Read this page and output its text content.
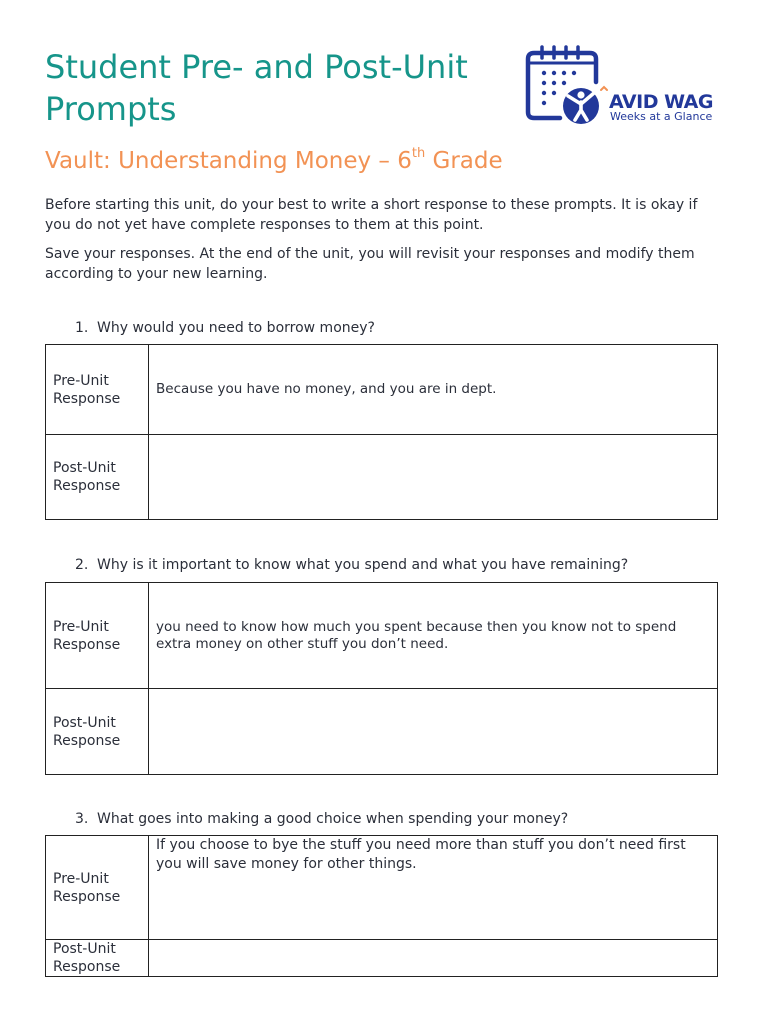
Student Pre- and Post-Unit Prompts	AVID WAG
Weeks at a Glance
Vault: Understanding Money – 6th Grade

Before starting this unit, do your best to write a short response to these prompts. It is okay if you do not yet have complete responses to them at this point.

Save your responses. At the end of the unit, you will revisit your responses and modify them according to your new learning.

1. Why would you need to borrow money?

Pre-Unit Response	Because you have no money, and you are in dept.
Post-Unit Response	

2. Why is it important to know what you spend and what you have remaining?

Pre-Unit Response	you need to know how much you spent because then you know not to spend extra money on other stuff you don’t need.
Post-Unit Response	

3. What goes into making a good choice when spending your money?

Pre-Unit Response	If you choose to bye the stuff you need more than stuff you don’t need first you will save money for other things.
Post-Unit Response	
